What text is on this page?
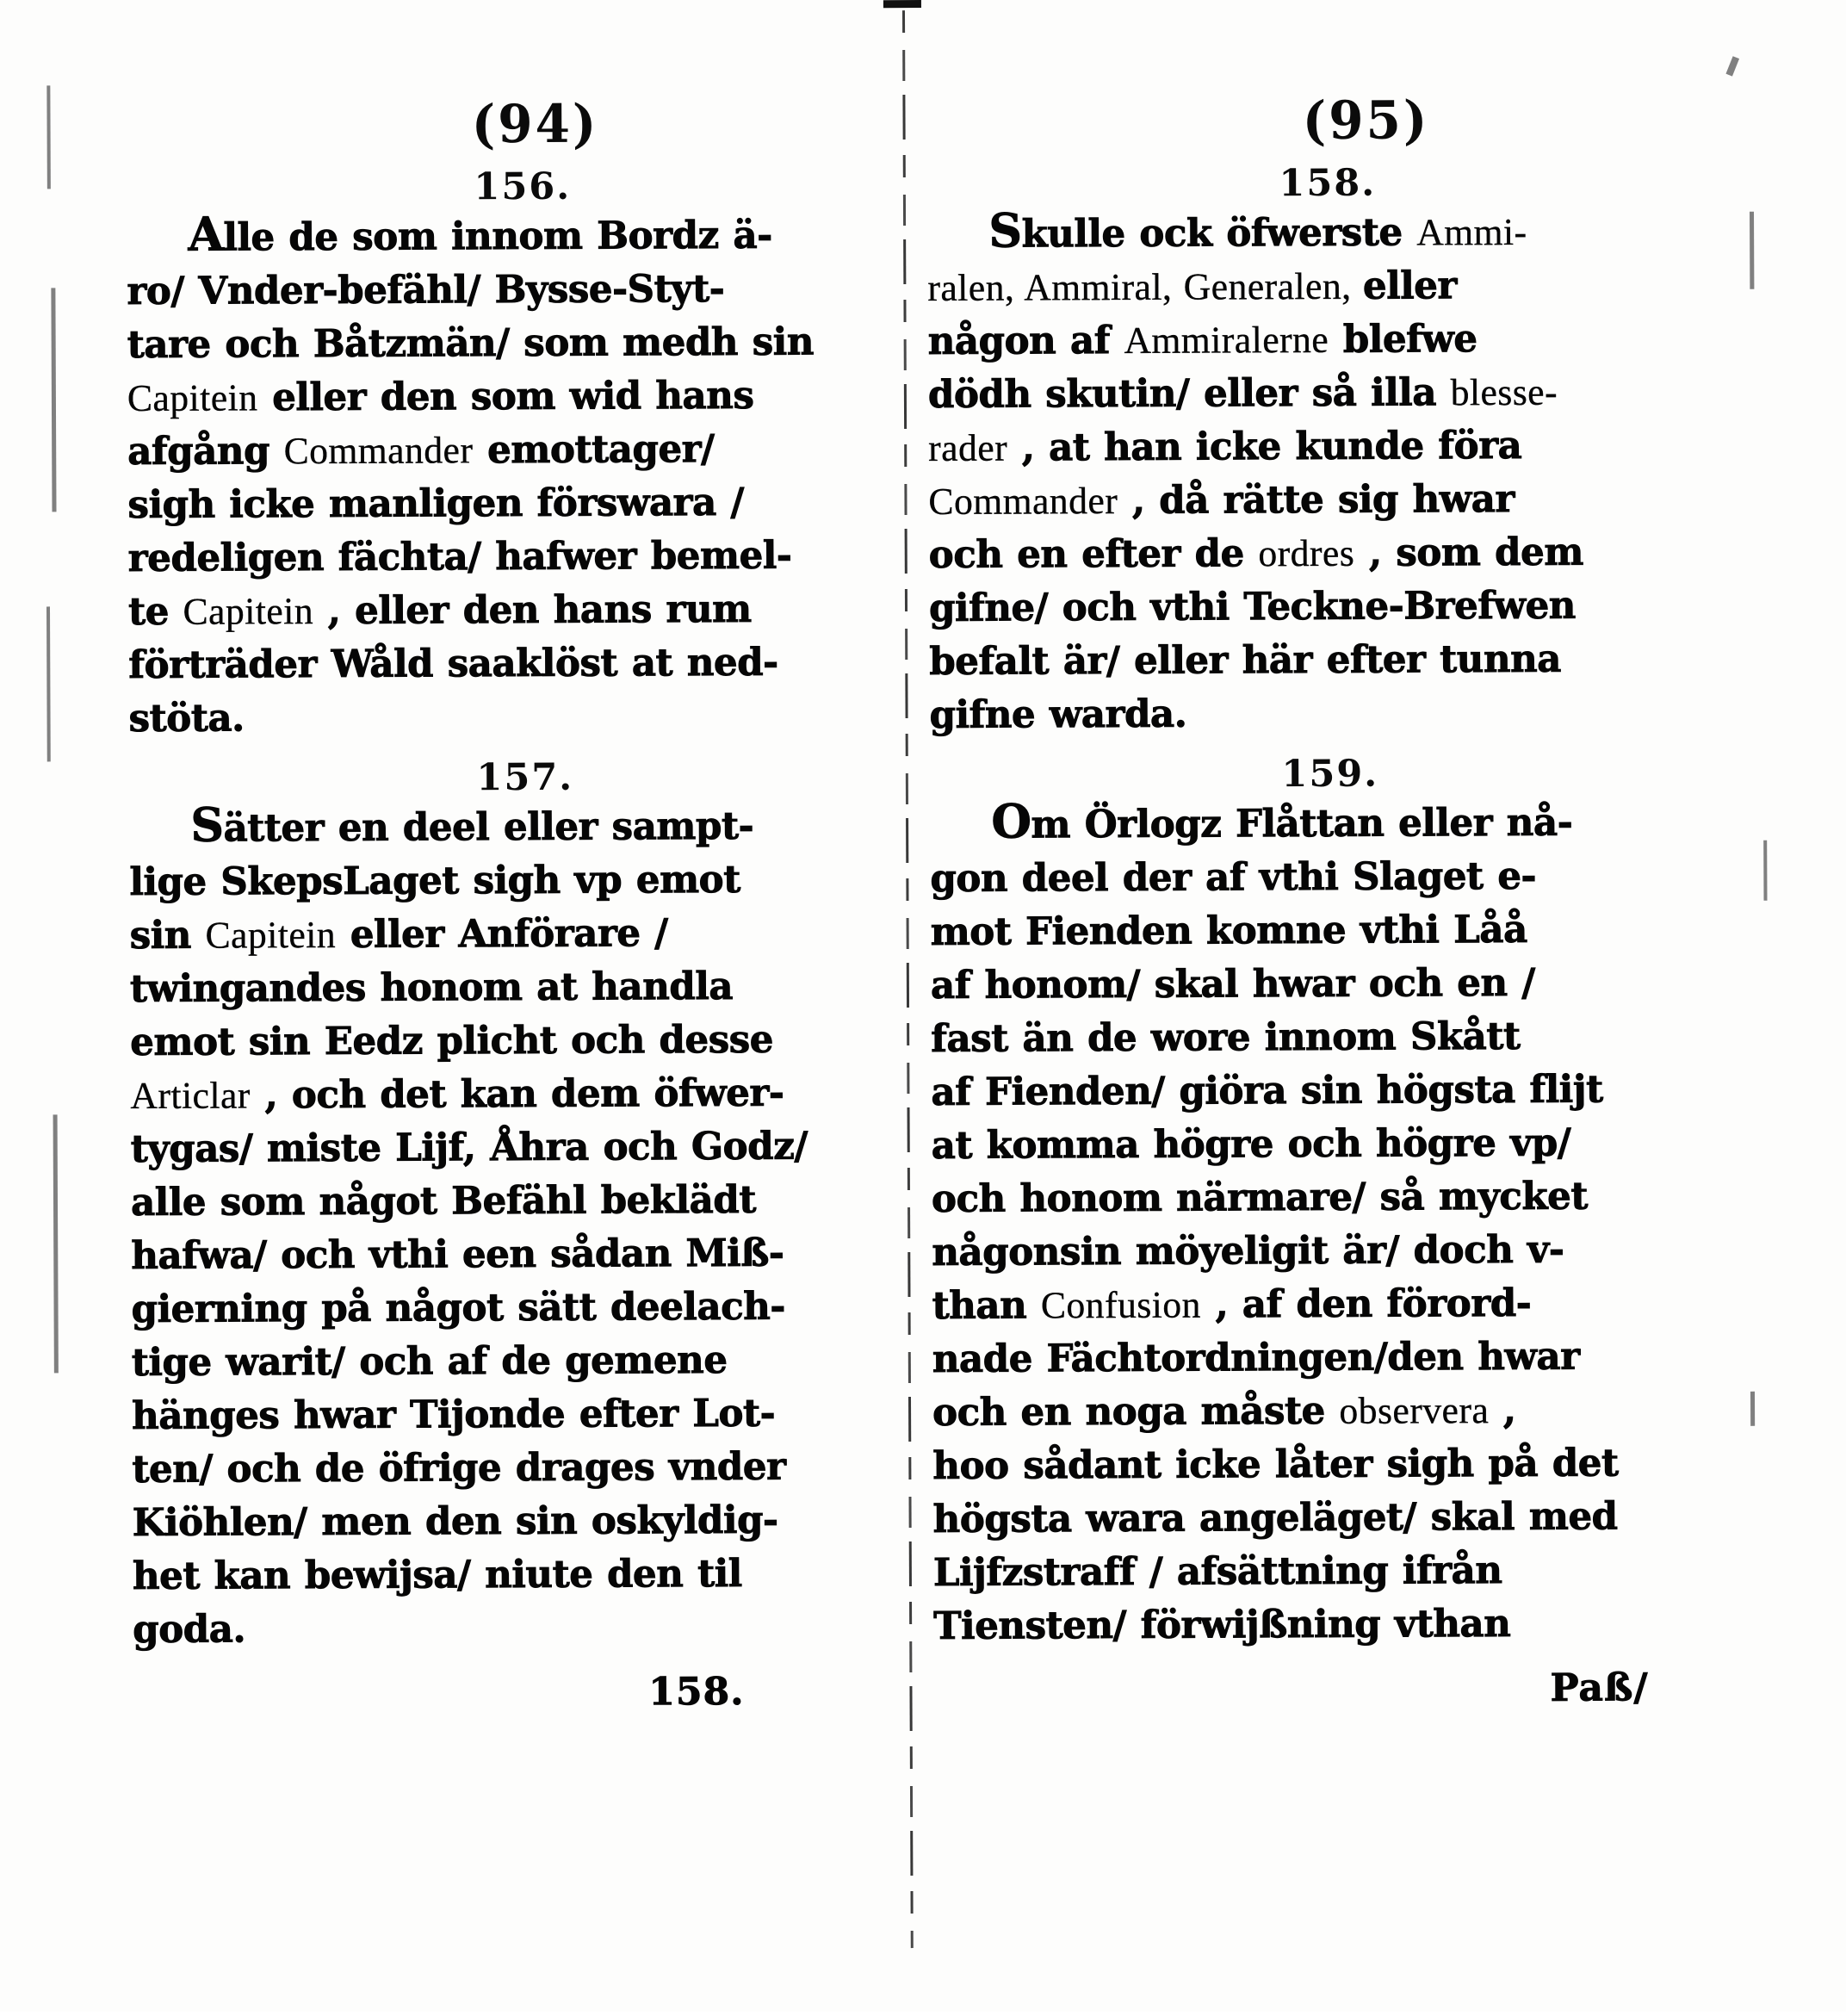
(94)
156.
Alle de som innom Bordz ä-
ro/ Vnder-befähl/ Bysse-Styt-
tare och Båtzmän/ som medh sin
Capitein eller den som wid hans
afgång Commander emottager/
sigh icke manligen förswara /
redeligen fächta/ hafwer bemel-
te Capitein , eller den hans rum
förträder Wåld saaklöst at ned-
stöta.
157.
Sätter en deel eller sampt-
lige SkepsLaget sigh vp emot
sin Capitein eller Anförare /
twingandes honom at handla
emot sin Eedz plicht och desse
Articlar , och det kan dem öfwer-
tygas/ miste Lijf, Åhra och Godz/
alle som något Befähl beklädt
hafwa/ och vthi een sådan Miß-
gierning på något sätt deelach-
tige warit/ och af de gemene
hänges hwar Tijonde efter Lot-
ten/ och de öfrige drages vnder
Kiöhlen/ men den sin oskyldig-
het kan bewijsa/ niute den til
goda.
158.
(95)
158.
Skulle ock öfwerste Ammi-
ralen, Ammiral, Generalen, eller
någon af Ammiralerne blefwe
dödh skutin/ eller så illa blesse-
rader , at han icke kunde föra
Commander , då rätte sig hwar
och en efter de ordres , som dem
gifne/ och vthi Teckne-Brefwen
befalt är/ eller här efter tunna
gifne warda.
159.
Om Örlogz Flåttan eller nå-
gon deel der af vthi Slaget e-
mot Fienden komne vthi Låå
af honom/ skal hwar och en /
fast än de wore innom Skått
af Fienden/ giöra sin högsta flijt
at komma högre och högre vp/
och honom närmare/ så mycket
någonsin möyeligit är/ doch v-
than Confusion , af den förord-
nade Fächtordningen/den hwar
och en noga måste observera ,
hoo sådant icke låter sigh på det
högsta wara angeläget/ skal med
Lijfzstraff / afsättning ifrån
Tiensten/ förwijßning vthan
Paß/
